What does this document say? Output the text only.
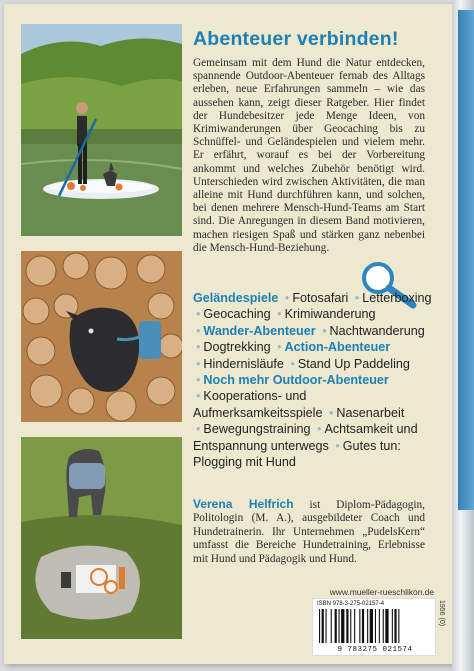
Abenteuer verbinden!

Gemeinsam mit dem Hund die Natur entdecken, spannende Outdoor-Abenteuer fernab des Alltags erleben, neue Erfahrungen sammeln – wie das aussehen kann, zeigt dieser Ratgeber. Hier findet der Hundebesitzer jede Menge Ideen, von Krimiwanderungen über Geocaching bis zu Schnüffel- und Geländespielen und vielem mehr. Er erfährt, worauf es bei der Vorbereitung ankommt und welches Zubehör benötigt wird. Unterschieden wird zwischen Aktivitäten, die man alleine mit Hund durchführen kann, und solchen, bei denen mehrere Mensch-Hund-Teams am Start sind. Die Anregungen in diesem Band motivieren, machen riesigen Spaß und stärken ganz nebenbei die Mensch-Hund-Beziehung.

Geländespiele • Fotosafari • Letterboxing • Geocaching • Krimiwanderung • Wander-Abenteuer • Nachtwanderung • Dogtrekking • Action-Abenteuer • Hindernisläufe • Stand Up Paddeling • Noch mehr Outdoor-Abenteuer • Kooperations- und Aufmerksamkeitsspiele • Nasenarbeit • Bewegungstraining • Achtsamkeit und Entspannung unterwegs • Gutes tun: Plogging mit Hund

Verena Helfrich ist Diplom-Pädagogin, Politologin (M. A.), ausgebildeter Coach und Hundetrainerin. Ihr Unternehmen „PudelsKern“ umfasst die Bereiche Hundetraining, Erlebnisse mit Hund und Pädagogik und Hund.

www.mueller-rueschlikon.de
ISBN 978-3-275-02157-4
9 783275 021574
1956 (0)
